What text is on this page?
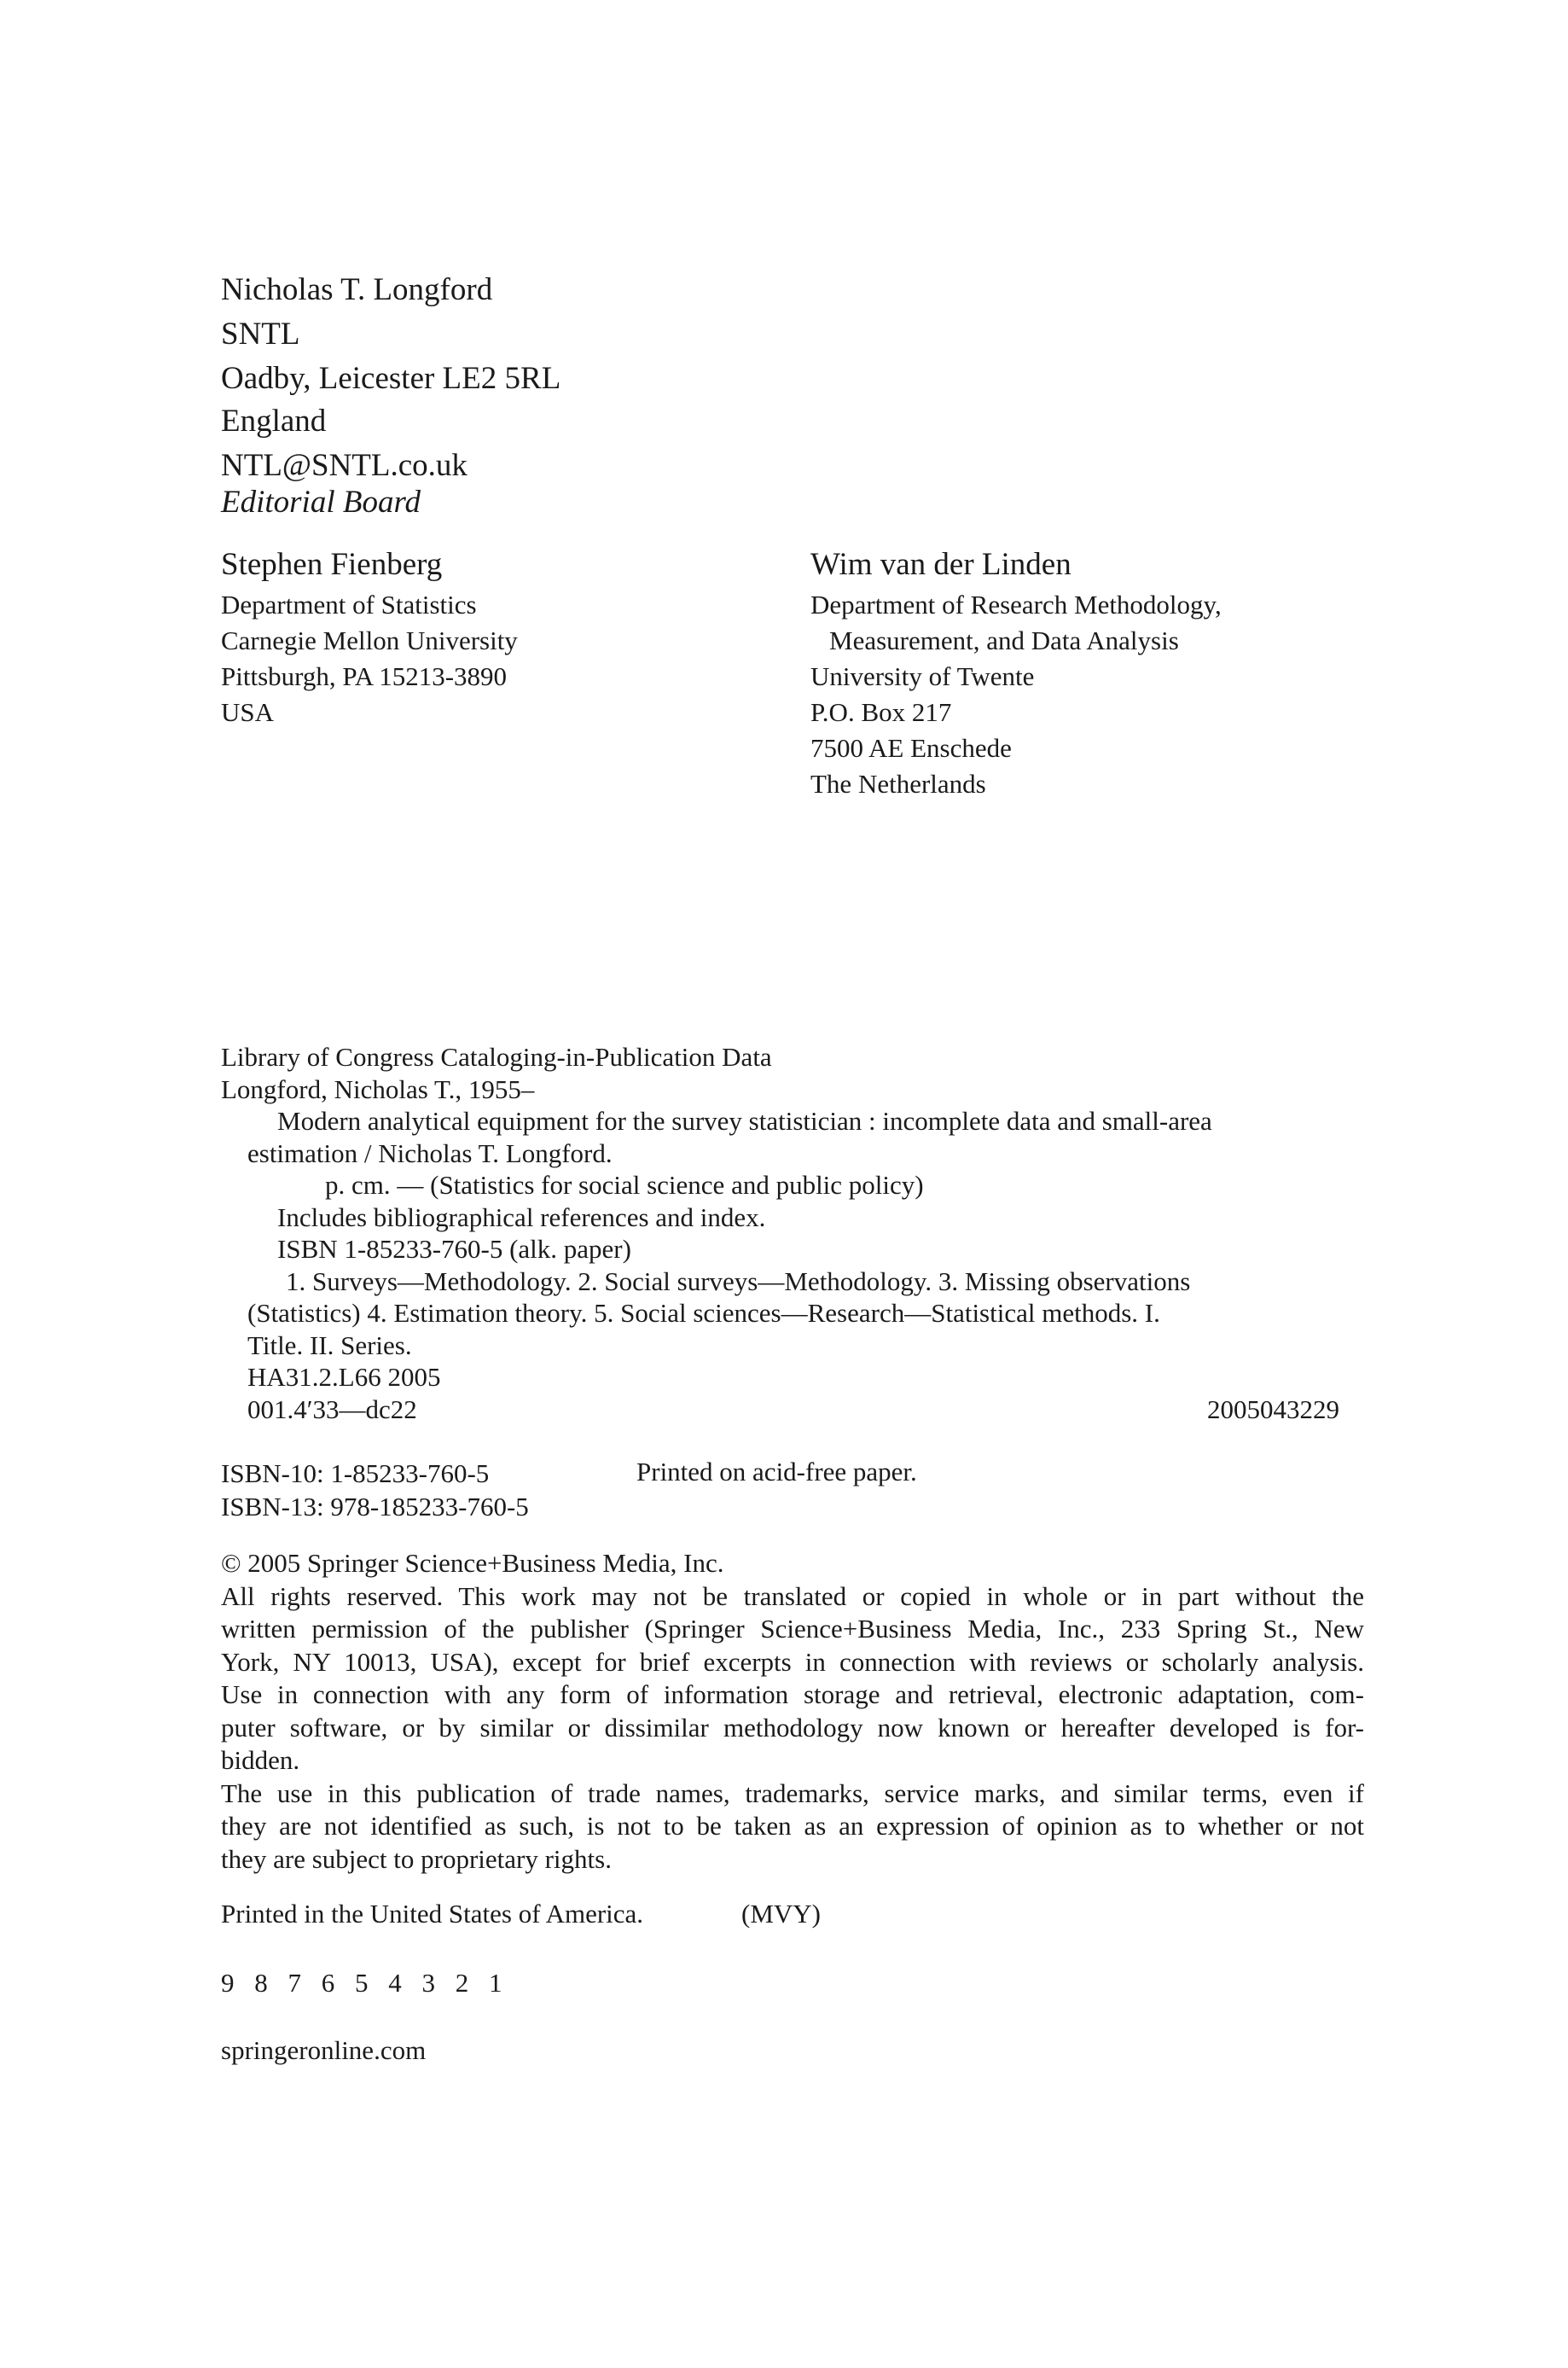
Nicholas T. Longford
SNTL
Oadby, Leicester LE2 5RL
England
NTL@SNTL.co.uk
Editorial Board
Stephen Fienberg
Department of Statistics
Carnegie Mellon University
Pittsburgh, PA 15213-3890
USA
Wim van der Linden
Department of Research Methodology,
Measurement, and Data Analysis
University of Twente
P.O. Box 217
7500 AE Enschede
The Netherlands
Library of Congress Cataloging-in-Publication Data
Longford, Nicholas T., 1955–
Modern analytical equipment for the survey statistician : incomplete data and small-area
estimation / Nicholas T. Longford.
p. cm. — (Statistics for social science and public policy)
Includes bibliographical references and index.
ISBN 1-85233-760-5 (alk. paper)
1. Surveys—Methodology. 2. Social surveys—Methodology. 3. Missing observations
(Statistics) 4. Estimation theory. 5. Social sciences—Research—Statistical methods. I.
Title. II. Series.
HA31.2.L66 2005
001.4′33—dc22	2005043229
ISBN-10: 1-85233-760-5
ISBN-13: 978-185233-760-5
Printed on acid-free paper.
© 2005 Springer Science+Business Media, Inc.
All rights reserved. This work may not be translated or copied in whole or in part without the
written permission of the publisher (Springer Science+Business Media, Inc., 233 Spring St., New
York, NY 10013, USA), except for brief excerpts in connection with reviews or scholarly analysis.
Use in connection with any form of information storage and retrieval, electronic adaptation, com-
puter software, or by similar or dissimilar methodology now known or hereafter developed is for-
bidden.
The use in this publication of trade names, trademarks, service marks, and similar terms, even if
they are not identified as such, is not to be taken as an expression of opinion as to whether or not
they are subject to proprietary rights.
Printed in the United States of America.	(MVY)
9 8 7 6 5 4 3 2 1
springeronline.com
